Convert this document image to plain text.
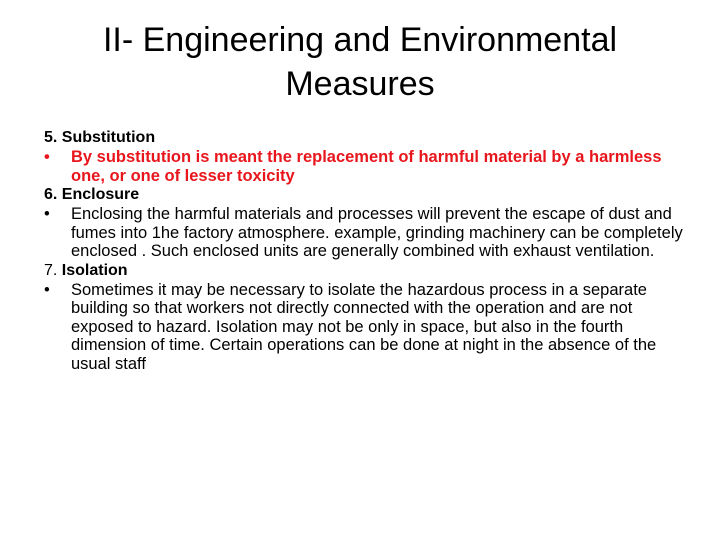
II- Engineering and Environmental
Measures
5. Substitution
•	By substitution is meant the replacement of harmful material by a harmless one, or one of lesser toxicity
6. Enclosure
•	Enclosing the harmful materials and processes will prevent the escape of dust and fumes into 1he factory atmosphere. example, grinding machinery can be completely enclosed . Such enclosed units are generally combined with exhaust ventilation.
7. Isolation
•	Sometimes it may be necessary to isolate the hazardous process in a separate building so that workers not directly connected with the operation and are not exposed to hazard. Isolation may not be only in space, but also in the fourth dimension of time. Certain operations can be done at night in the absence of the usual staff
